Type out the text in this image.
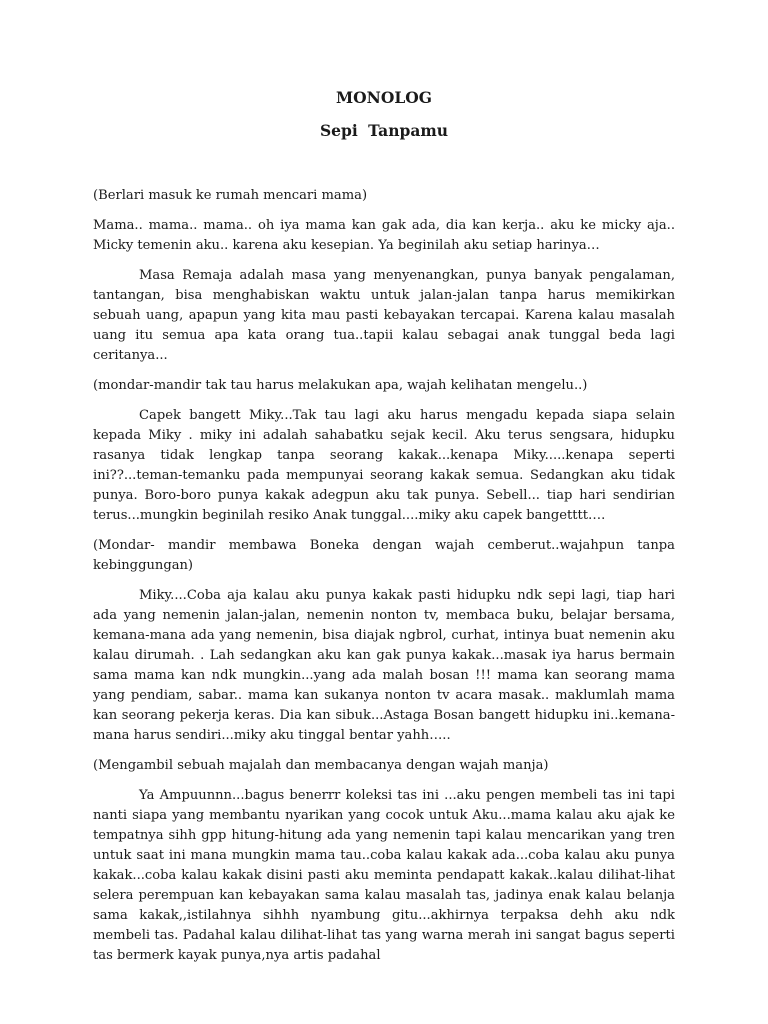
MONOLOG
Sepi Tanpamu

(Berlari masuk ke rumah mencari mama)

Mama.. mama.. mama.. oh iya mama kan gak ada, dia kan kerja.. aku ke micky aja.. Micky temenin aku.. karena aku kesepian. Ya beginilah aku setiap harinya…

Masa Remaja adalah masa yang menyenangkan, punya banyak pengalaman, tantangan, bisa menghabiskan waktu untuk jalan-jalan tanpa harus memikirkan sebuah uang, apapun yang kita mau pasti kebayakan tercapai. Karena kalau masalah uang itu semua apa kata orang tua..tapii kalau sebagai anak tunggal beda lagi ceritanya...

(mondar-mandir tak tau harus melakukan apa, wajah kelihatan mengelu..)

Capek bangett Miky...Tak tau lagi aku harus mengadu kepada siapa selain kepada Miky . miky ini adalah sahabatku sejak kecil. Aku terus sengsara, hidupku rasanya tidak lengkap tanpa seorang kakak...kenapa Miky.....kenapa seperti ini??...teman-temanku pada mempunyai seorang kakak semua. Sedangkan aku tidak punya. Boro-boro punya kakak adegpun aku tak punya. Sebell... tiap hari sendirian terus...mungkin beginilah resiko Anak tunggal....miky aku capek bangetttt….

(Mondar- mandir membawa Boneka dengan wajah cemberut..wajahpun tanpa kebinggungan)

Miky....Coba aja kalau aku punya kakak pasti hidupku ndk sepi lagi, tiap hari ada yang nemenin jalan-jalan, nemenin nonton tv, membaca buku, belajar bersama, kemana-mana ada yang nemenin, bisa diajak ngbrol, curhat, intinya buat nemenin aku kalau dirumah. . Lah sedangkan aku kan gak punya kakak...masak iya harus bermain sama mama kan ndk mungkin...yang ada malah bosan !!! mama kan seorang mama yang pendiam, sabar.. mama kan sukanya nonton tv acara masak.. maklumlah mama kan seorang pekerja keras. Dia kan sibuk...Astaga Bosan bangett hidupku ini..kemana-mana harus sendiri...miky aku tinggal bentar yahh…..

(Mengambil sebuah majalah dan membacanya dengan wajah manja)

Ya Ampuunnn...bagus benerrr koleksi tas ini ...aku pengen membeli tas ini tapi nanti siapa yang membantu nyarikan yang cocok untuk Aku...mama kalau aku ajak ke tempatnya sihh gpp hitung-hitung ada yang nemenin tapi kalau mencarikan yang tren untuk saat ini mana mungkin mama tau..coba kalau kakak ada...coba kalau aku punya kakak...coba kalau kakak disini pasti aku meminta pendapatt kakak..kalau dilihat-lihat selera perempuan kan kebayakan sama kalau masalah tas, jadinya enak kalau belanja sama kakak,,istilahnya sihhh nyambung gitu...akhirnya terpaksa dehh aku ndk membeli tas. Padahal kalau dilihat-lihat tas yang warna merah ini sangat bagus seperti tas bermerk kayak punya,nya artis padahal
